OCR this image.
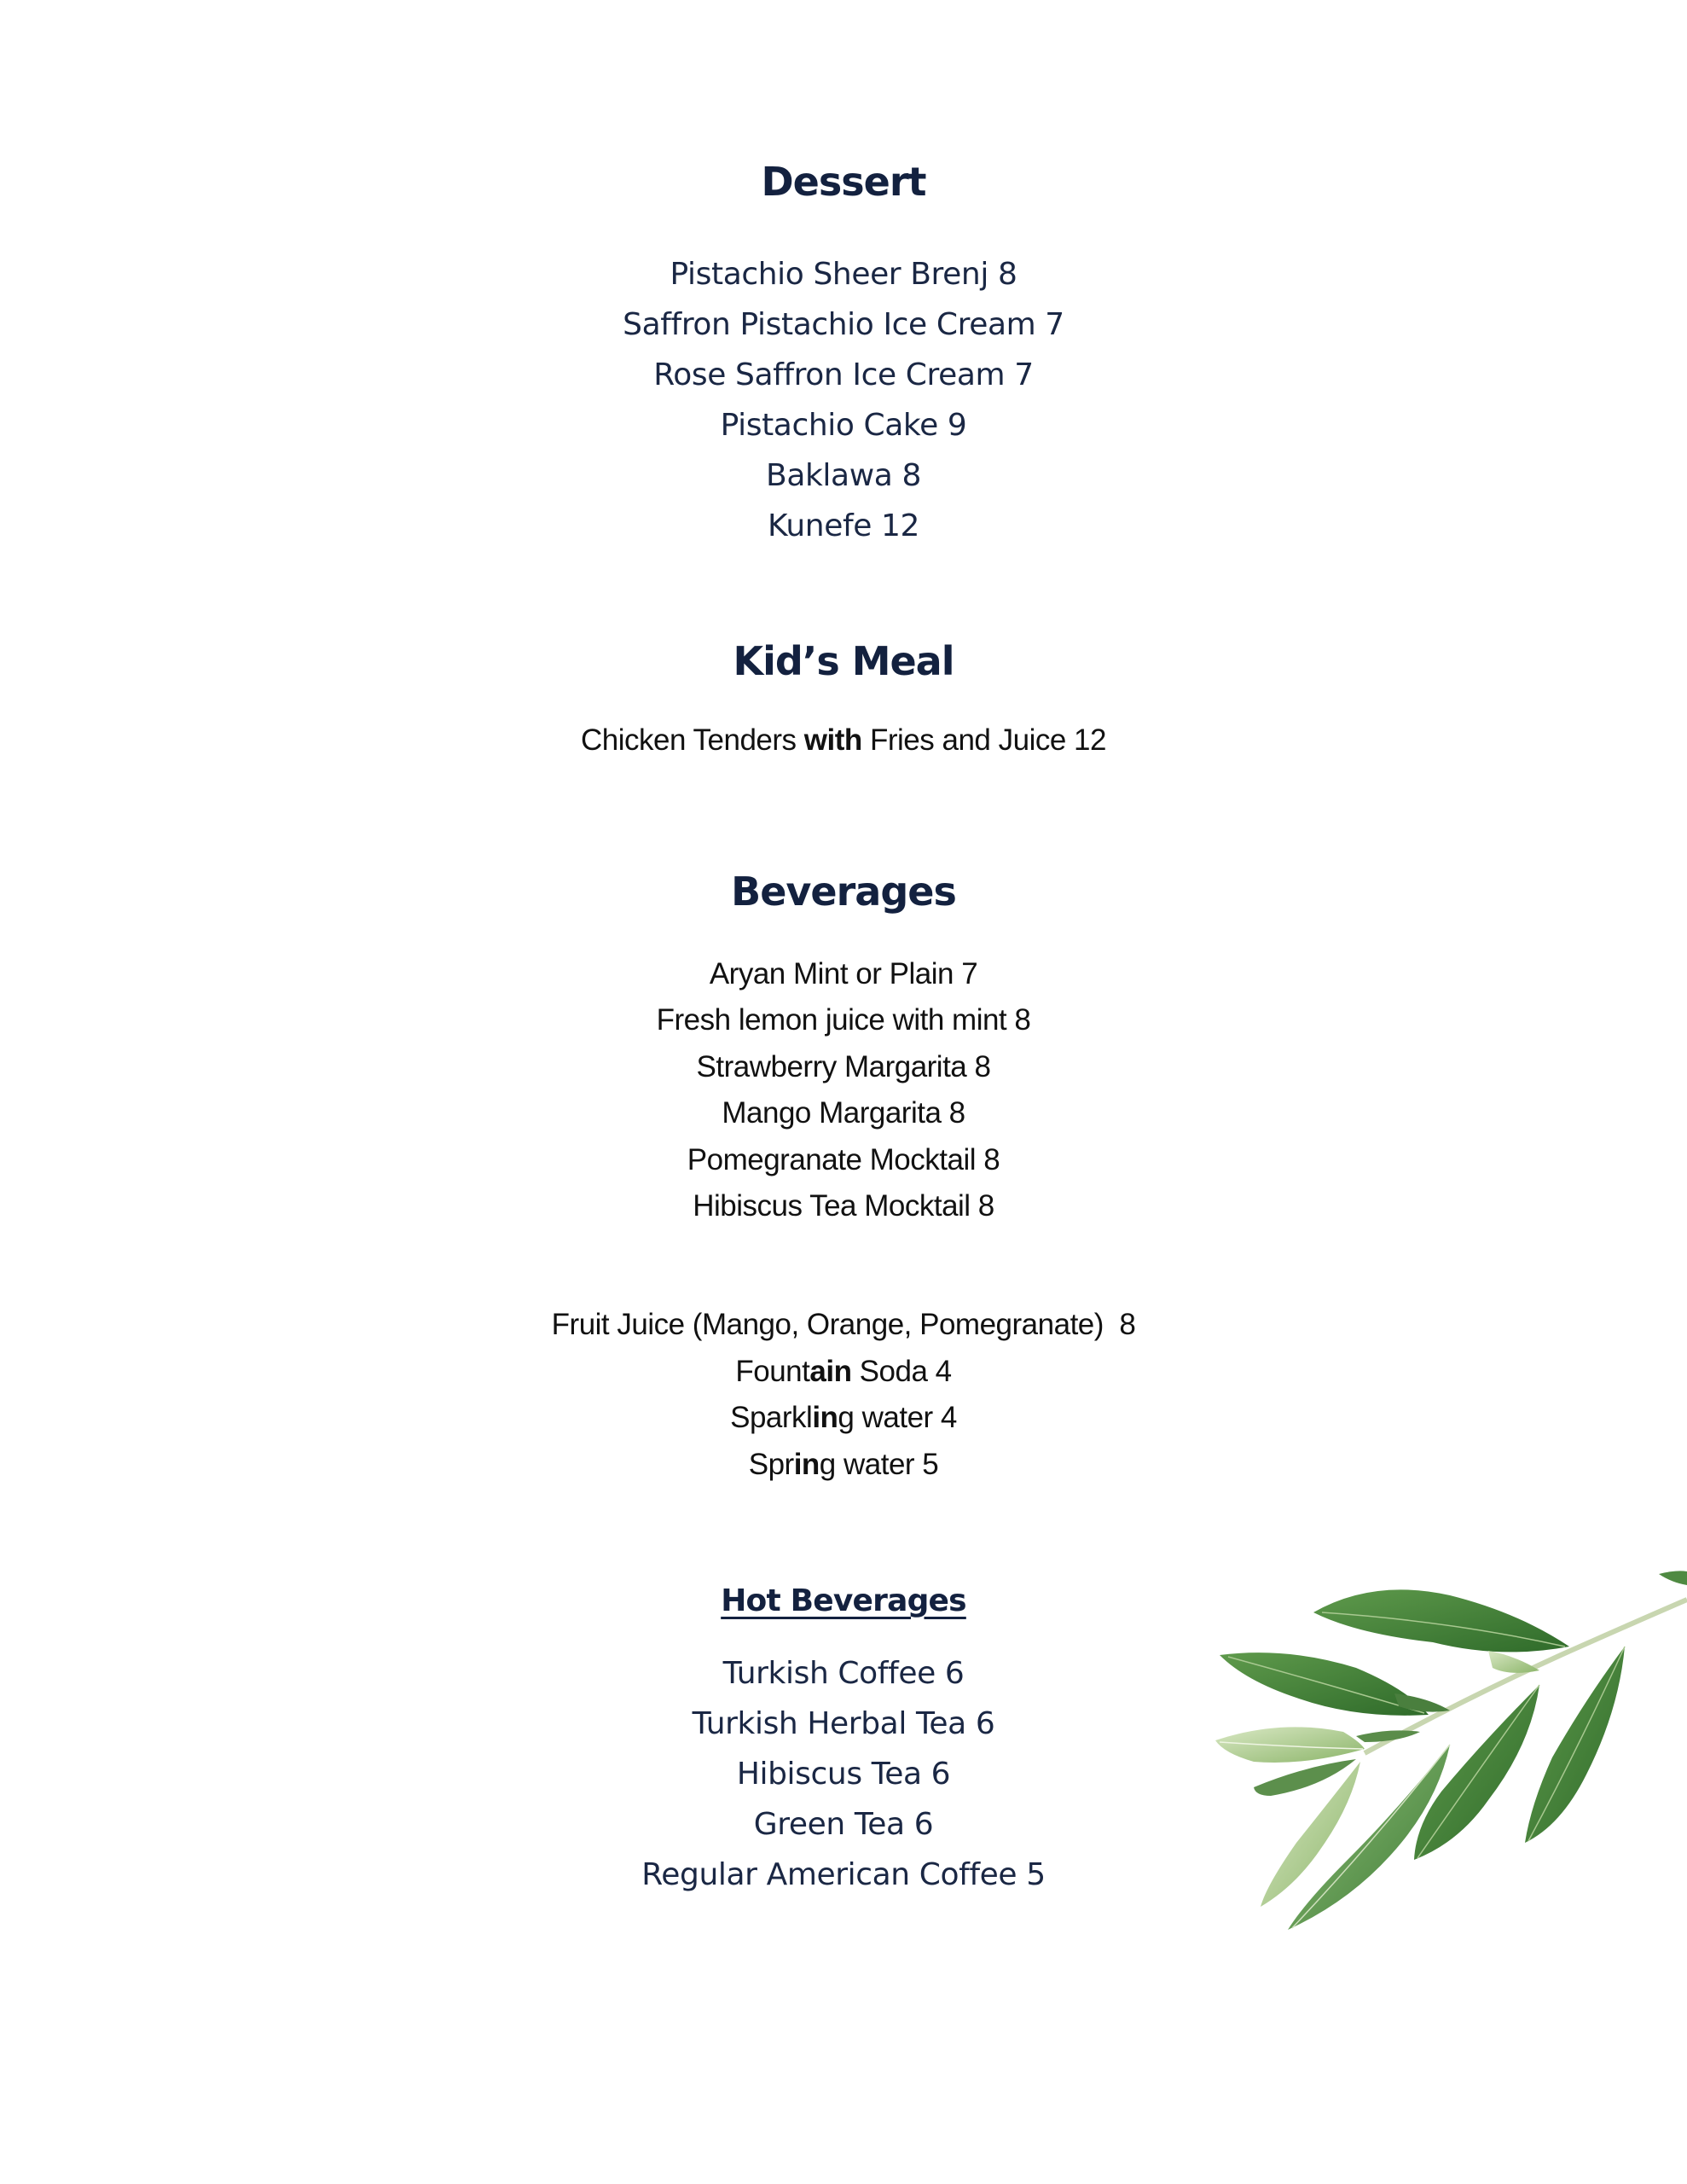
Dessert
Pistachio Sheer Brenj 8
Saffron Pistachio Ice Cream 7
Rose Saffron Ice Cream 7
Pistachio Cake 9
Baklawa 8
Kunefe 12
Kid’s Meal
Chicken Tenders with Fries and Juice 12
Beverages
Aryan Mint or Plain 7
Fresh lemon juice with mint 8
Strawberry Margarita 8
Mango Margarita 8
Pomegranate Mocktail 8
Hibiscus Tea Mocktail 8
Fruit Juice (Mango, Orange, Pomegranate)  8
Fountain Soda 4
Sparkling water 4
Spring water 5
Hot Beverages
Turkish Coffee 6
Turkish Herbal Tea 6
Hibiscus Tea 6
Green Tea 6
Regular American Coffee 5
